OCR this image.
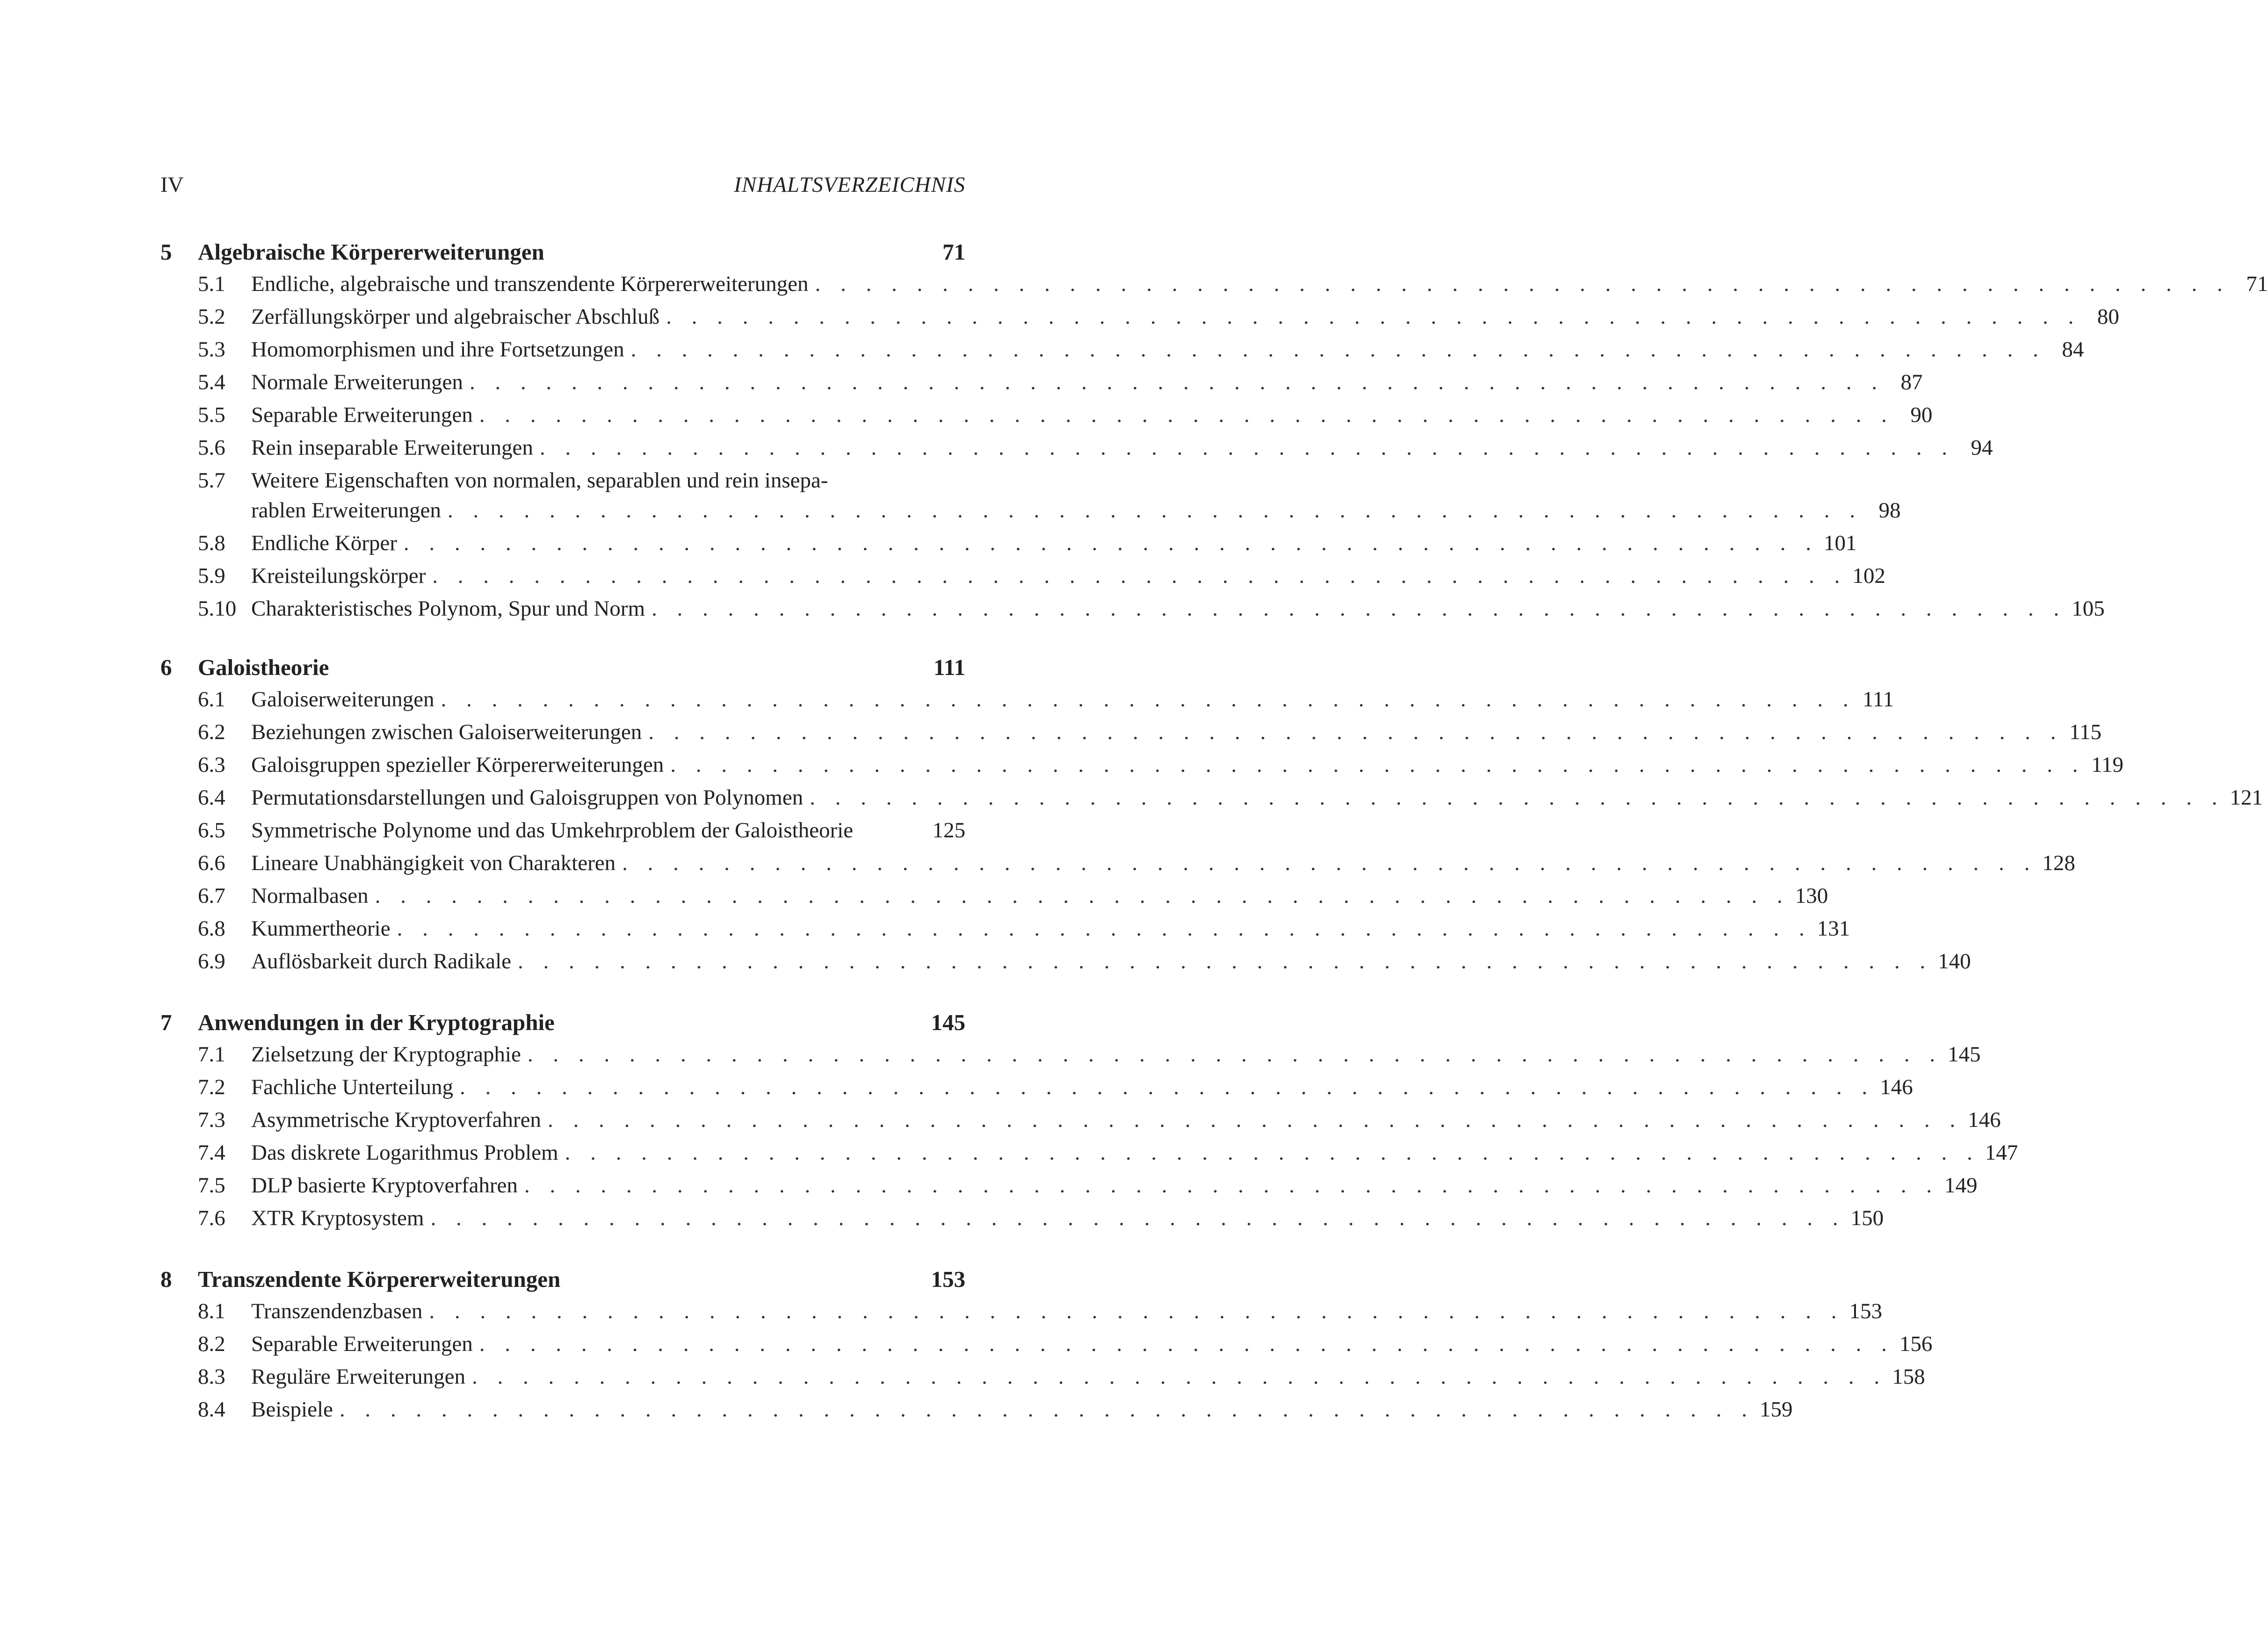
IV	INHALTSVERZEICHNIS
5	Algebraische Körpererweiterungen	71
5.1	Endliche, algebraische und transzendente Körpererweiterungen . . .	71
5.2	Zerfällungskörper und algebraischer Abschluß . . .	80
5.3	Homomorphismen und ihre Fortsetzungen . . .	84
5.4	Normale Erweiterungen . . .	87
5.5	Separable Erweiterungen . . .	90
5.6	Rein inseparable Erweiterungen . . .	94
5.7	Weitere Eigenschaften von normalen, separablen und rein insepa-
rablen Erweiterungen . . .	98
5.8	Endliche Körper . . .	101
5.9	Kreisteilungskörper . . .	102
5.10 Charakteristisches Polynom, Spur und Norm . . .	105
6	Galoistheorie	111
6.1	Galoiserweiterungen . . .	111
6.2	Beziehungen zwischen Galoiserweiterungen . . .	115
6.3	Galoisgruppen spezieller Körpererweiterungen . . .	119
6.4	Permutationsdarstellungen und Galoisgruppen von Polynomen . . .	121
6.5	Symmetrische Polynome und das Umkehrproblem der Galoistheorie	125
6.6	Lineare Unabhängigkeit von Charakteren . . .	128
6.7	Normalbasen . . .	130
6.8	Kummertheorie . . .	131
6.9	Auflösbarkeit durch Radikale . . .	140
7	Anwendungen in der Kryptographie	145
7.1	Zielsetzung der Kryptographie . . .	145
7.2	Fachliche Unterteilung . . .	146
7.3	Asymmetrische Kryptoverfahren . . .	146
7.4	Das diskrete Logarithmus Problem . . .	147
7.5	DLP basierte Kryptoverfahren . . .	149
7.6	XTR Kryptosystem . . .	150
8	Transzendente Körpererweiterungen	153
8.1	Transzendenzbasen . . .	153
8.2	Separable Erweiterungen . . .	156
8.3	Reguläre Erweiterungen . . .	158
8.4	Beispiele . . .	159
